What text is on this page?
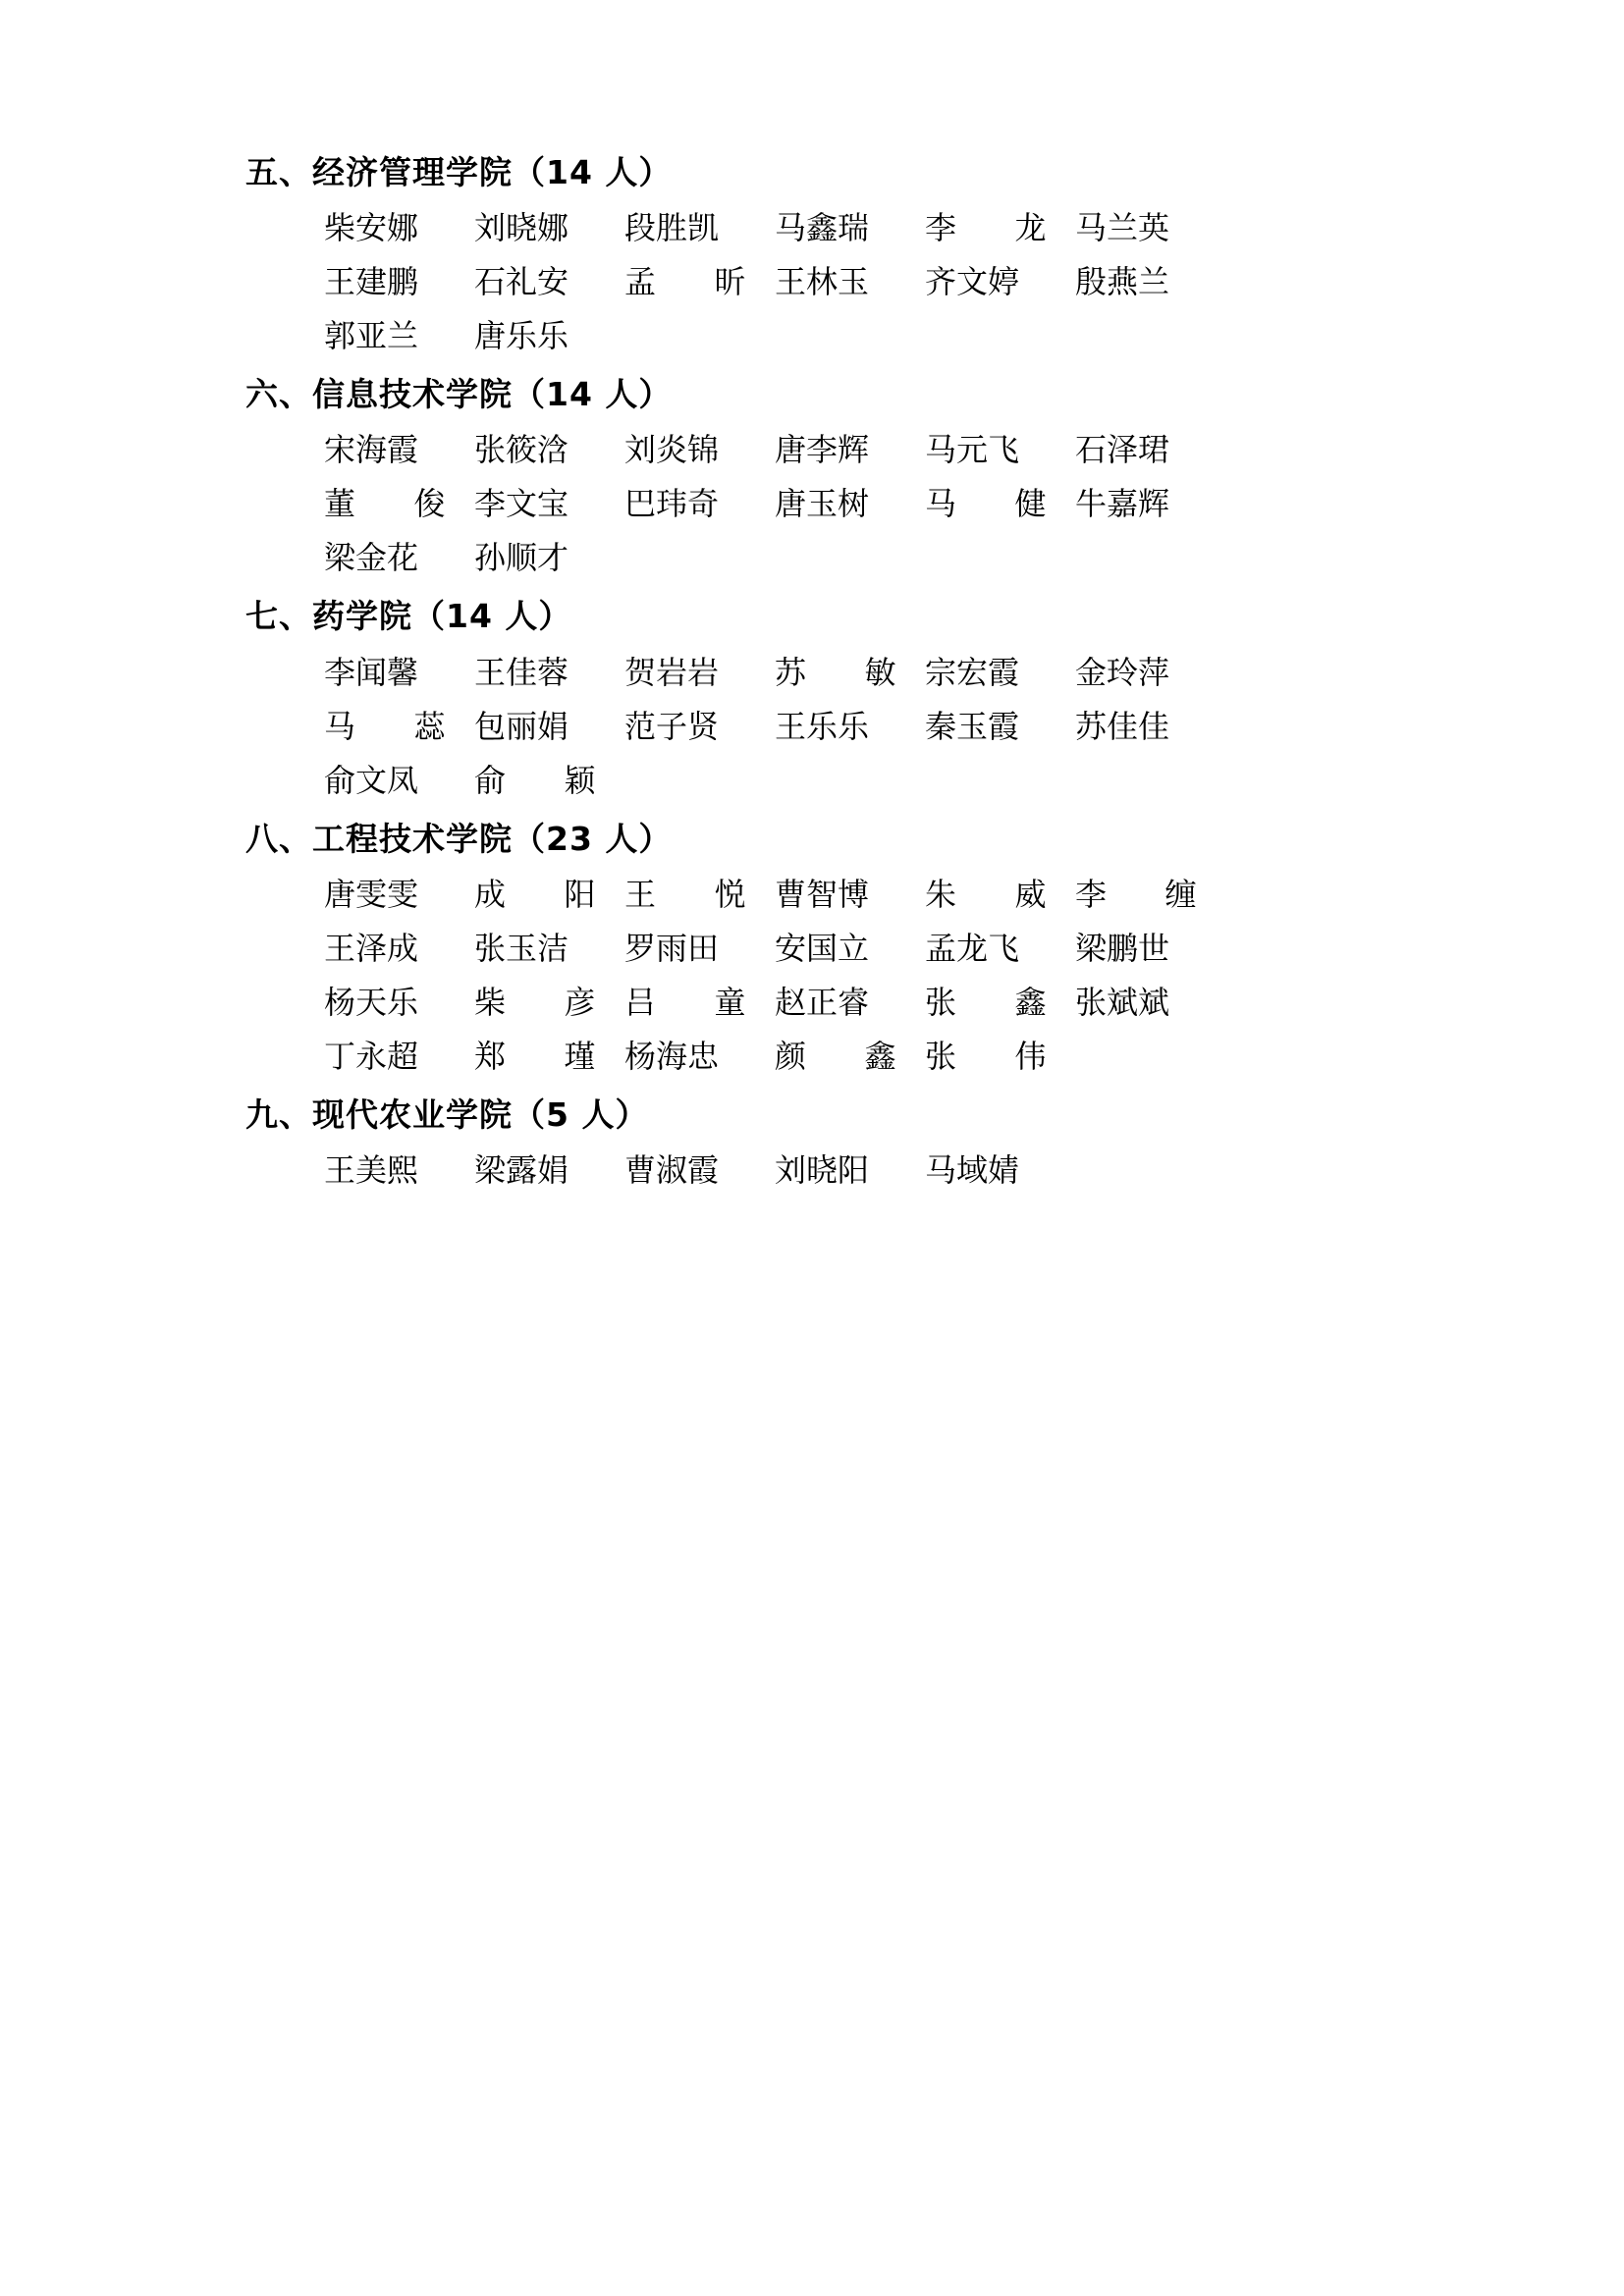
五、经济管理学院（14 人）
柴安娜 刘晓娜 段胜凯 马鑫瑞 李 龙 马兰英
王建鹏 石礼安 孟 昕 王林玉 齐文婷 殷燕兰
郭亚兰 唐乐乐
六、信息技术学院（14 人）
宋海霞 张筱浛 刘炎锦 唐李辉 马元飞 石泽珺
董 俊 李文宝 巴玮奇 唐玉树 马 健 牛嘉辉
梁金花 孙顺才
七、药学院（14 人）
李闻馨 王佳蓉 贺岩岩 苏 敏 宗宏霞 金玲萍
马 蕊 包丽娟 范子贤 王乐乐 秦玉霞 苏佳佳
俞文凤 俞 颖
八、工程技术学院（23 人）
唐雯雯 成 阳 王 悦 曹智博 朱 威 李 缠
王泽成 张玉洁 罗雨田 安国立 孟龙飞 梁鹏世
杨天乐 柴 彦 吕 童 赵正睿 张 鑫 张斌斌
丁永超 郑 瑾 杨海忠 颜 鑫 张 伟
九、现代农业学院（5 人）
王美熙 梁露娟 曹淑霞 刘晓阳 马域婧
